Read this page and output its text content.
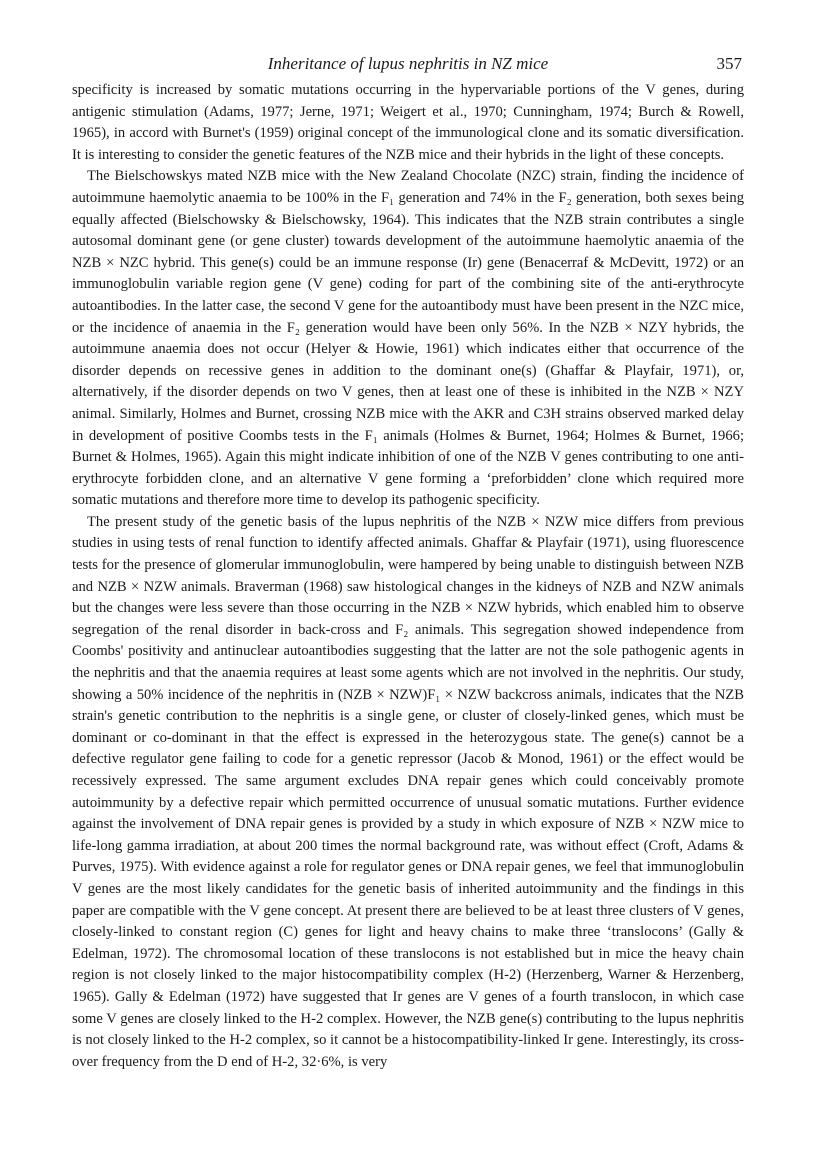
Inheritance of lupus nephritis in NZ mice	357

specificity is increased by somatic mutations occurring in the hypervariable portions of the V genes, during antigenic stimulation (Adams, 1977; Jerne, 1971; Weigert et al., 1970; Cunningham, 1974; Burch & Rowell, 1965), in accord with Burnet's (1959) original concept of the immunological clone and its somatic diversification. It is interesting to consider the genetic features of the NZB mice and their hybrids in the light of these concepts.

The Bielschowskys mated NZB mice with the New Zealand Chocolate (NZC) strain, finding the incidence of autoimmune haemolytic anaemia to be 100% in the F₁ generation and 74% in the F₂ generation, both sexes being equally affected (Bielschowsky & Bielschowsky, 1964). This indicates that the NZB strain contributes a single autosomal dominant gene (or gene cluster) towards development of the autoimmune haemolytic anaemia of the NZB × NZC hybrid. This gene(s) could be an immune response (Ir) gene (Benacerraf & McDevitt, 1972) or an immunoglobulin variable region gene (V gene) coding for part of the combining site of the anti-erythrocyte autoantibodies. In the latter case, the second V gene for the autoantibody must have been present in the NZC mice, or the incidence of anaemia in the F₂ generation would have been only 56%. In the NZB × NZY hybrids, the autoimmune anaemia does not occur (Helyer & Howie, 1961) which indicates either that occurrence of the disorder depends on recessive genes in addition to the dominant one(s) (Ghaffar & Playfair, 1971), or, alternatively, if the disorder depends on two V genes, then at least one of these is inhibited in the NZB × NZY animal. Similarly, Holmes and Burnet, crossing NZB mice with the AKR and C3H strains observed marked delay in development of positive Coombs tests in the F₁ animals (Holmes & Burnet, 1964; Holmes & Burnet, 1966; Burnet & Holmes, 1965). Again this might indicate inhibition of one of the NZB V genes contributing to one anti-erythrocyte forbidden clone, and an alternative V gene forming a ‘preforbidden’ clone which required more somatic mutations and therefore more time to develop its pathogenic specificity.

The present study of the genetic basis of the lupus nephritis of the NZB × NZW mice differs from previous studies in using tests of renal function to identify affected animals. Ghaffar & Playfair (1971), using fluorescence tests for the presence of glomerular immunoglobulin, were hampered by being unable to distinguish between NZB and NZB × NZW animals. Braverman (1968) saw histological changes in the kidneys of NZB and NZW animals but the changes were less severe than those occurring in the NZB × NZW hybrids, which enabled him to observe segregation of the renal disorder in back-cross and F₂ animals. This segregation showed independence from Coombs' positivity and antinuclear autoantibodies suggesting that the latter are not the sole pathogenic agents in the nephritis and that the anaemia requires at least some agents which are not involved in the nephritis. Our study, showing a 50% incidence of the nephritis in (NZB × NZW)F₁ × NZW backcross animals, indicates that the NZB strain's genetic contribution to the nephritis is a single gene, or cluster of closely-linked genes, which must be dominant or co-dominant in that the effect is expressed in the heterozygous state. The gene(s) cannot be a defective regulator gene failing to code for a genetic repressor (Jacob & Monod, 1961) or the effect would be recessively expressed. The same argument excludes DNA repair genes which could conceivably promote autoimmunity by a defective repair which permitted occurrence of unusual somatic mutations. Further evidence against the involvement of DNA repair genes is provided by a study in which exposure of NZB × NZW mice to life-long gamma irradiation, at about 200 times the normal background rate, was without effect (Croft, Adams & Purves, 1975). With evidence against a role for regulator genes or DNA repair genes, we feel that immunoglobulin V genes are the most likely candidates for the genetic basis of inherited autoimmunity and the findings in this paper are compatible with the V gene concept. At present there are believed to be at least three clusters of V genes, closely-linked to constant region (C) genes for light and heavy chains to make three ‘translocons’ (Gally & Edelman, 1972). The chromosomal location of these translocons is not established but in mice the heavy chain region is not closely linked to the major histocompatibility complex (H-2) (Herzenberg, Warner & Herzenberg, 1965). Gally & Edelman (1972) have suggested that Ir genes are V genes of a fourth translocon, in which case some V genes are closely linked to the H-2 complex. However, the NZB gene(s) contributing to the lupus nephritis is not closely linked to the H-2 complex, so it cannot be a histocompatibility-linked Ir gene. Interestingly, its cross-over frequency from the D end of H-2, 32·6%, is very
